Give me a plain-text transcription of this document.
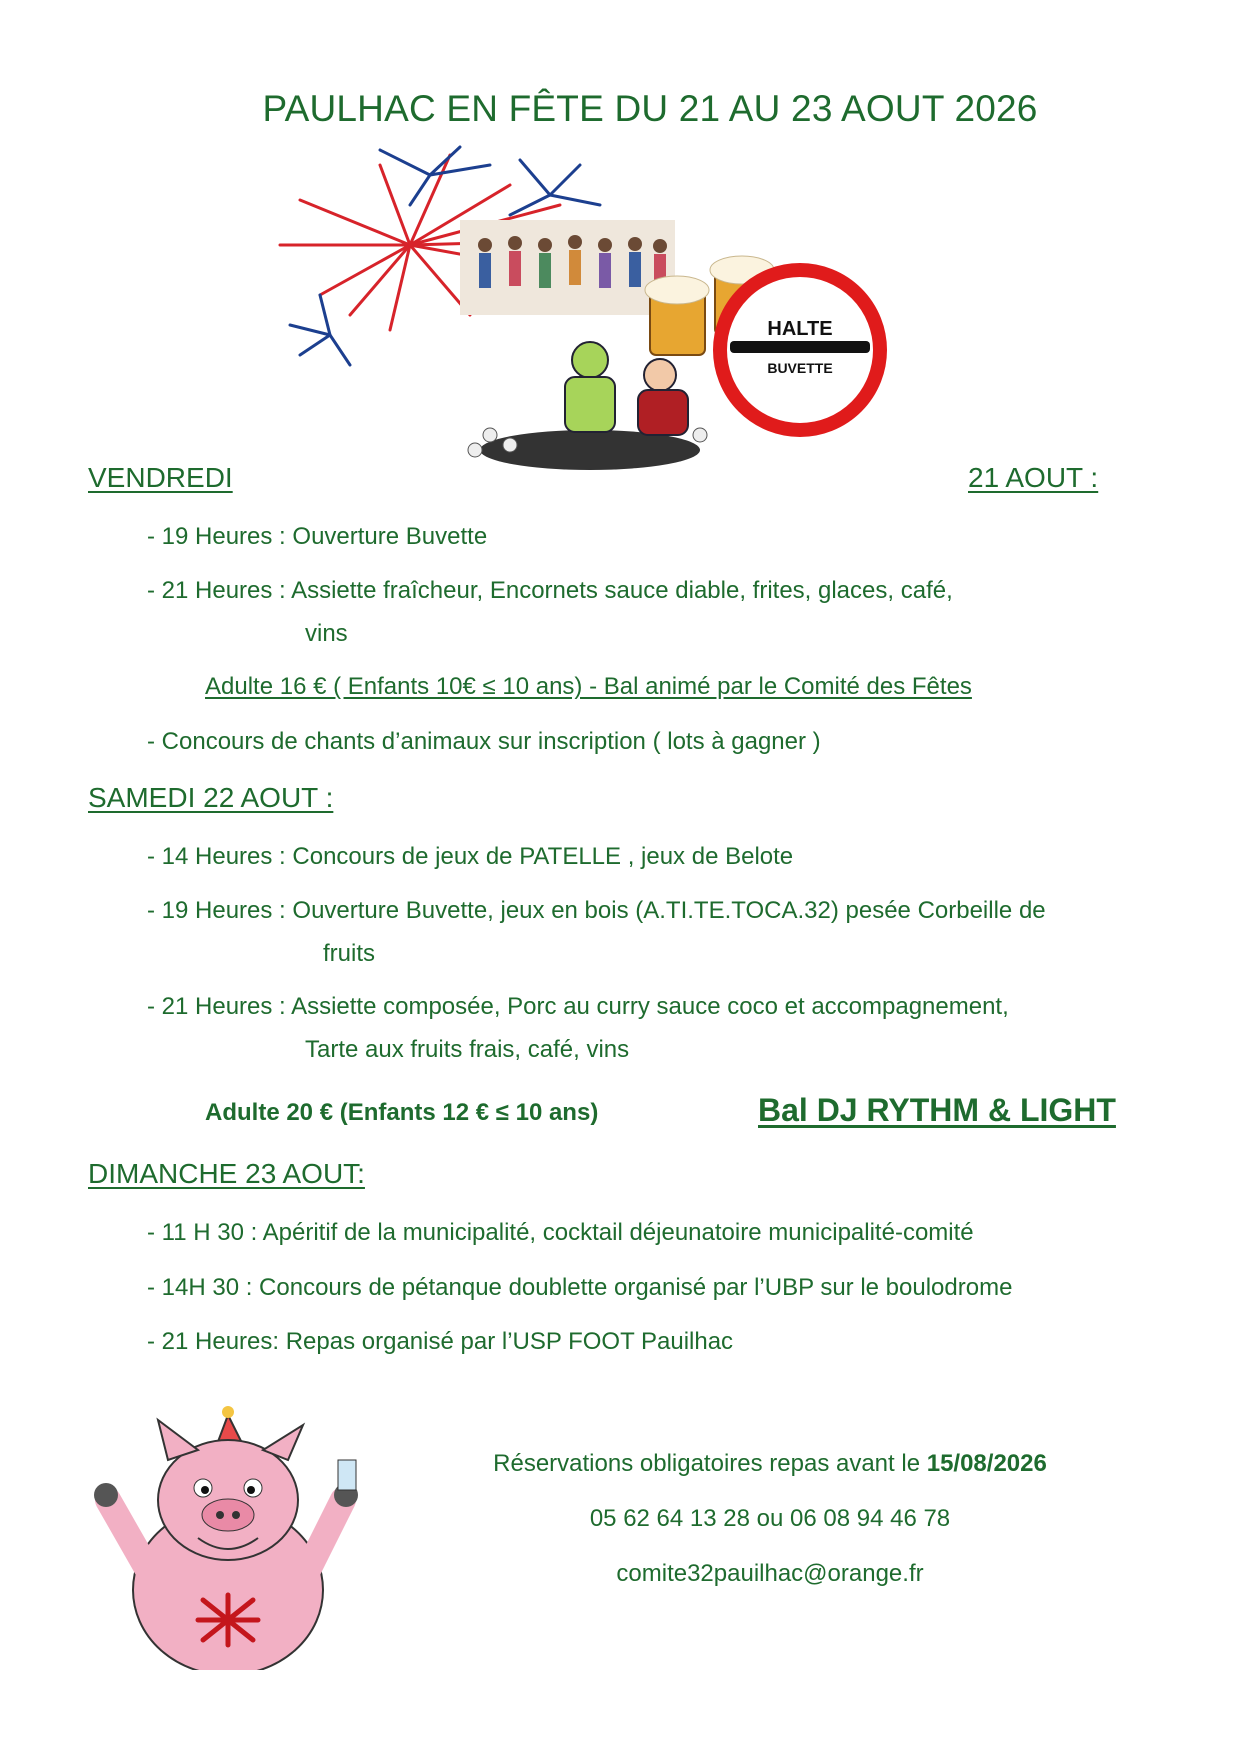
PAULHAC EN FÊTE DU 21 AU 23 AOUT 2026
HALTE
BUVETTE
VENDREDI	21 AOUT :
- 19 Heures : Ouverture Buvette
- 21 Heures : Assiette fraîcheur, Encornets sauce diable, frites, glaces, café,
vins
Adulte 16 € ( Enfants 10€ ≤ 10 ans) - Bal animé par le Comité des Fêtes
- Concours de chants d’animaux sur inscription ( lots à gagner )
SAMEDI 22 AOUT :
- 14 Heures : Concours de jeux de PATELLE , jeux de Belote
- 19 Heures : Ouverture Buvette, jeux en bois (A.TI.TE.TOCA.32) pesée Corbeille de
fruits
- 21 Heures : Assiette composée, Porc au curry sauce coco et accompagnement,
Tarte aux fruits frais, café, vins
Adulte 20 € (Enfants 12 € ≤ 10 ans)	Bal DJ RYTHM & LIGHT
DIMANCHE 23 AOUT:
- 11 H 30 : Apéritif de la municipalité, cocktail déjeunatoire municipalité-comité
- 14H 30 : Concours de pétanque doublette organisé par l’UBP sur le boulodrome
- 21 Heures: Repas organisé par l’USP FOOT Pauilhac
Réservations obligatoires repas avant le 15/08/2026
05 62 64 13 28 ou 06 08 94 46 78
comite32pauilhac@orange.fr
